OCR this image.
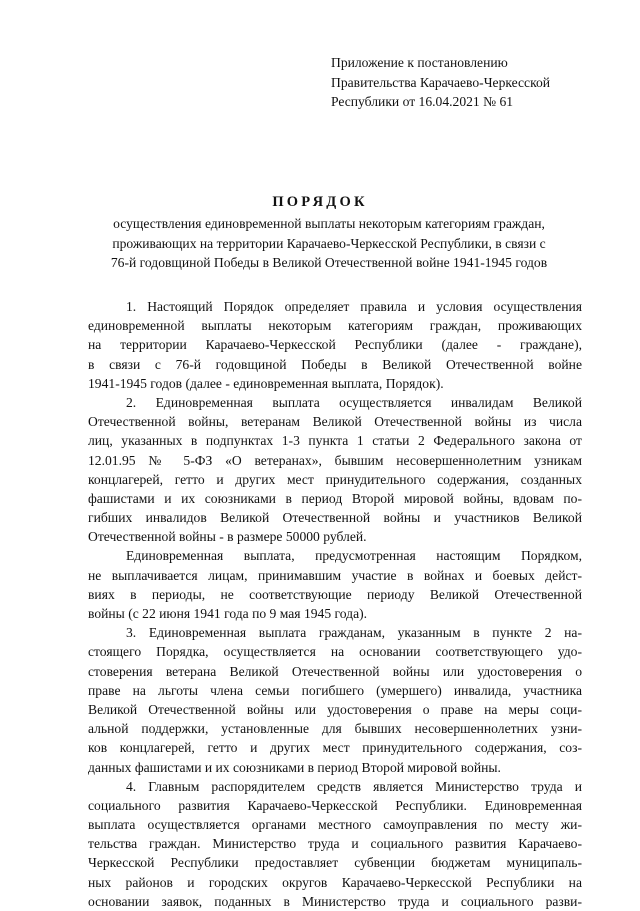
Приложение к постановлению
Правительства Карачаево-Черкесской
Республики от 16.04.2021 № 61
ПОРЯДОК
осуществления единовременной выплаты некоторым категориям граждан,
проживающих на территории Карачаево-Черкесской Республики, в связи с
76-й годовщиной Победы в Великой Отечественной войне 1941-1945 годов
1. Настоящий Порядок определяет правила и условия осуществления
единовременной выплаты некоторым категориям граждан, проживающих
на территории Карачаево-Черкесской Республики (далее - граждане),
в связи с 76-й годовщиной Победы в Великой Отечественной войне
1941-1945 годов (далее - единовременная выплата, Порядок).
2. Единовременная выплата осуществляется инвалидам Великой
Отечественной войны, ветеранам Великой Отечественной войны из числа
лиц, указанных в подпунктах 1-3 пункта 1 статьи 2 Федерального закона от
12.01.95 № 5-ФЗ «О ветеранах», бывшим несовершеннолетним узникам
концлагерей, гетто и других мест принудительного содержания, созданных
фашистами и их союзниками в период Второй мировой войны, вдовам по-
гибших инвалидов Великой Отечественной войны и участников Великой
Отечественной войны - в размере 50000 рублей.
Единовременная выплата, предусмотренная настоящим Порядком,
не выплачивается лицам, принимавшим участие в войнах и боевых дейст-
виях в периоды, не соответствующие периоду Великой Отечественной
войны (с 22 июня 1941 года по 9 мая 1945 года).
3. Единовременная выплата гражданам, указанным в пункте 2 на-
стоящего Порядка, осуществляется на основании соответствующего удо-
стоверения ветерана Великой Отечественной войны или удостоверения о
праве на льготы члена семьи погибшего (умершего) инвалида, участника
Великой Отечественной войны или удостоверения о праве на меры соци-
альной поддержки, установленные для бывших несовершеннолетних узни-
ков концлагерей, гетто и других мест принудительного содержания, соз-
данных фашистами и их союзниками в период Второй мировой войны.
4. Главным распорядителем средств является Министерство труда и
социального развития Карачаево-Черкесской Республики. Единовременная
выплата осуществляется органами местного самоуправления по месту жи-
тельства граждан. Министерство труда и социального развития Карачаево-
Черкесской Республики предоставляет субвенции бюджетам муниципаль-
ных районов и городских округов Карачаево-Черкесской Республики на
основании заявок, поданных в Министерство труда и социального разви-
